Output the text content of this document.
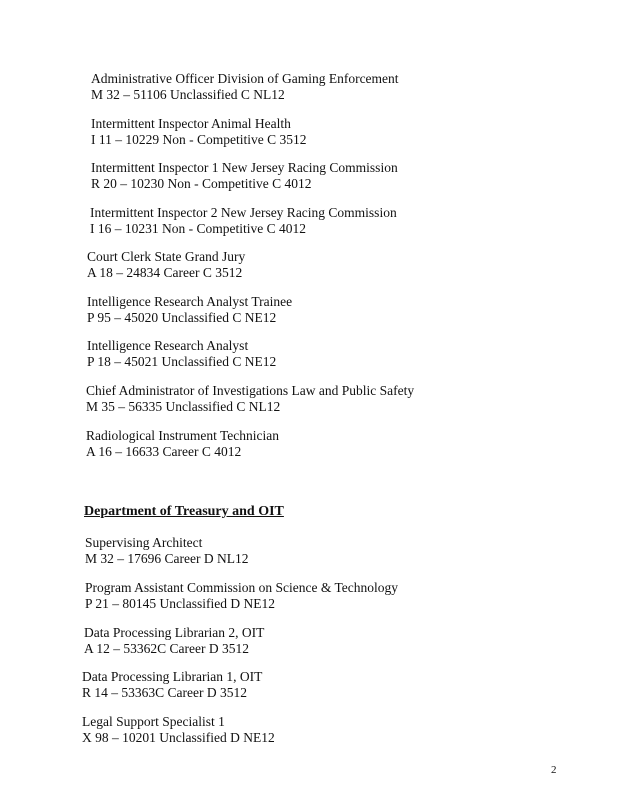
Administrative Officer Division of Gaming Enforcement
M 32 – 51106 Unclassified C NL12
Intermittent Inspector Animal Health
I 11 – 10229 Non - Competitive C 3512
Intermittent Inspector 1 New Jersey Racing Commission
R 20 – 10230 Non - Competitive C 4012
Intermittent Inspector 2 New Jersey Racing Commission
I 16 – 10231 Non - Competitive C 4012
Court Clerk State Grand Jury
A 18 – 24834 Career C 3512
Intelligence Research Analyst Trainee
P 95 – 45020 Unclassified C NE12
Intelligence Research Analyst
P 18 – 45021 Unclassified C NE12
Chief Administrator of Investigations Law and Public Safety
M 35 – 56335 Unclassified C NL12
Radiological Instrument Technician
A 16 – 16633 Career C 4012
Department of Treasury and OIT
Supervising Architect
M 32 – 17696 Career D NL12
Program Assistant Commission on Science & Technology
P 21 – 80145 Unclassified D NE12
Data Processing Librarian 2, OIT
A 12 – 53362C Career D 3512
Data Processing Librarian 1, OIT
R 14 – 53363C Career D 3512
Legal Support Specialist 1
X 98 – 10201 Unclassified D NE12
2
